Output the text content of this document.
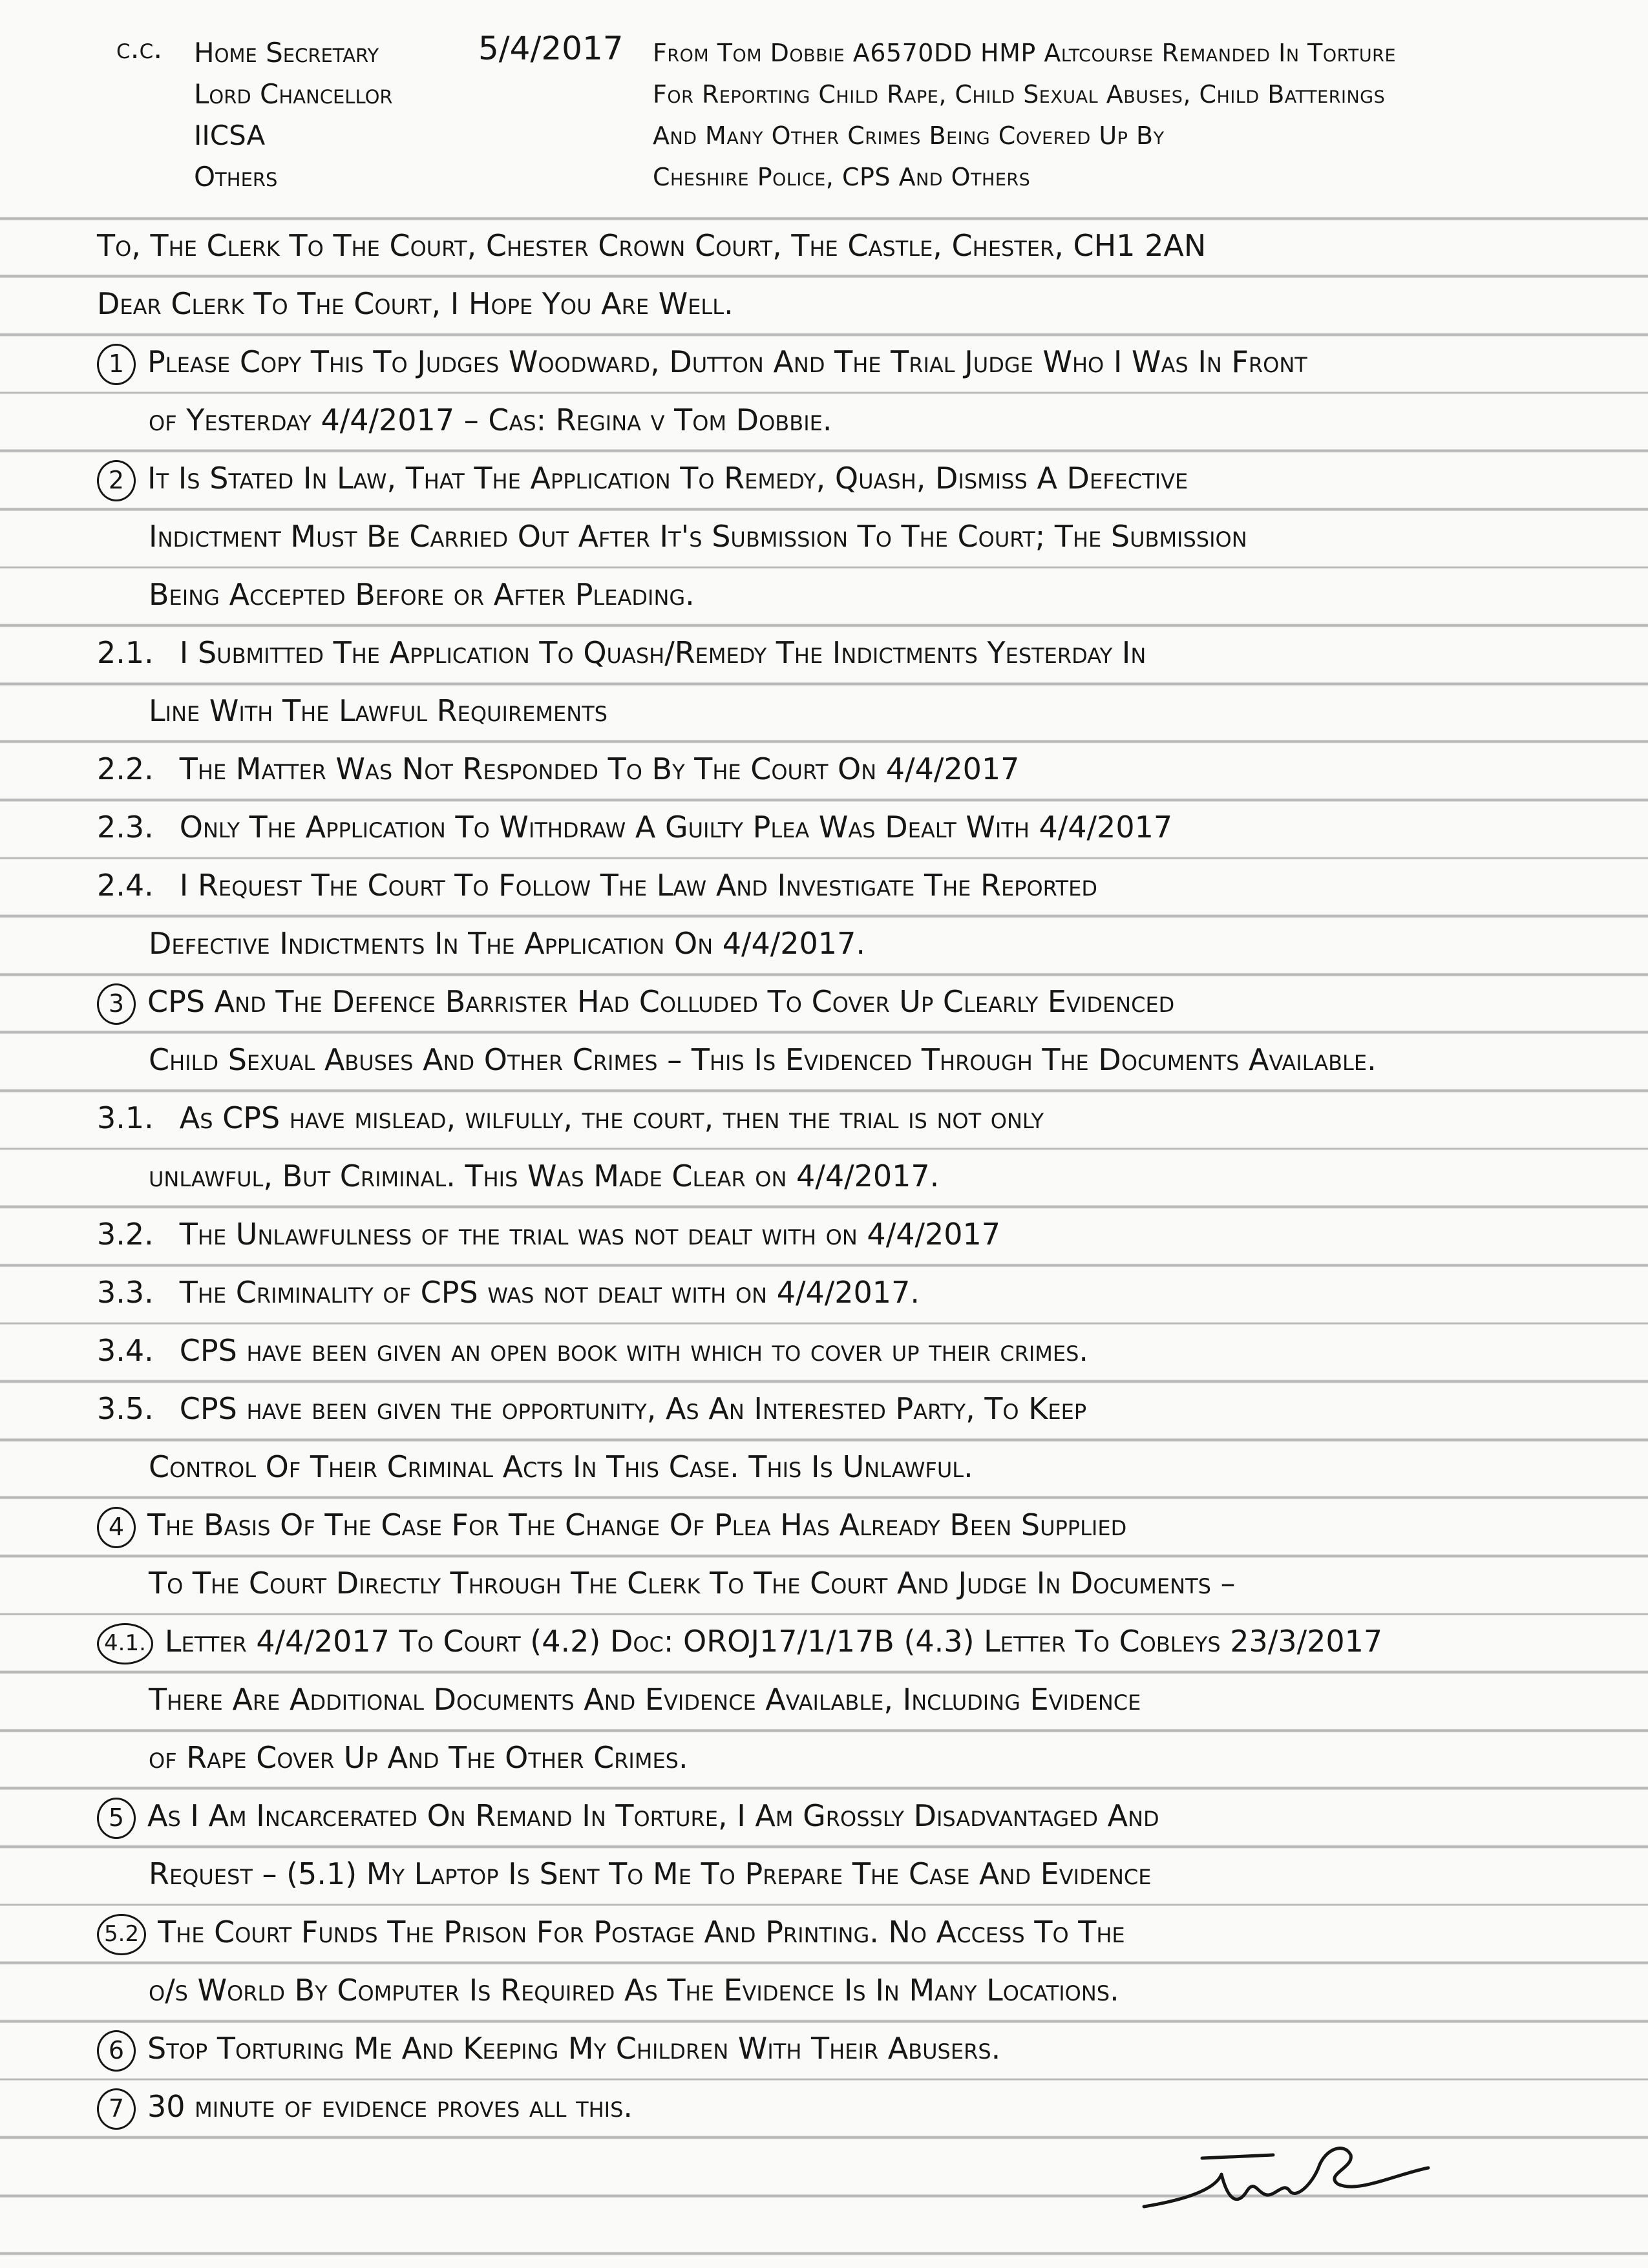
c.c. Home Secretary
Lord Chancellor
IICSA
Others
5/4/2017 From Tom Dobbie A6570DD HMP Altcourse Remanded In Torture
For Reporting Child Rape, Child Sexual Abuses, Child Batterings
And Many Other Crimes Being Covered Up By
Cheshire Police, CPS And Others
To, The Clerk To The Court, Chester Crown Court, The Castle, Chester, CH1 2AN
Dear Clerk To The Court, I Hope You Are Well.
1 Please Copy This To Judges Woodward, Dutton And The Trial Judge Who I Was In Front
of Yesterday 4/4/2017 – Cas: Regina v Tom Dobbie.
2 It Is Stated In Law, That The Application To Remedy, Quash, Dismiss A Defective
Indictment Must Be Carried Out After It's Submission To The Court; The Submission
Being Accepted Before or After Pleading.
2.1. I Submitted The Application To Quash/Remedy The Indictments Yesterday In
Line With The Lawful Requirements
2.2. The Matter Was Not Responded To By The Court On 4/4/2017
2.3. Only The Application To Withdraw A Guilty Plea Was Dealt With 4/4/2017
2.4. I Request The Court To Follow The Law And Investigate The Reported
Defective Indictments In The Application On 4/4/2017.
3 CPS And The Defence Barrister Had Colluded To Cover Up Clearly Evidenced
Child Sexual Abuses And Other Crimes – This Is Evidenced Through The Documents Available.
3.1. As CPS have mislead, wilfully, the court, then the trial is not only
unlawful, But Criminal. This Was Made Clear on 4/4/2017.
3.2. The Unlawfulness of the trial was not dealt with on 4/4/2017
3.3. The Criminality of CPS was not dealt with on 4/4/2017.
3.4. CPS have been given an open book with which to cover up their crimes.
3.5. CPS have been given the opportunity, As An Interested Party, To Keep
Control Of Their Criminal Acts In This Case. This Is Unlawful.
4 The Basis Of The Case For The Change Of Plea Has Already Been Supplied
To The Court Directly Through The Clerk To The Court And Judge In Documents –
4.1. Letter 4/4/2017 To Court (4.2) Doc: OROJ17/1/17B (4.3) Letter To Cobleys 23/3/2017
There Are Additional Documents And Evidence Available, Including Evidence
of Rape Cover Up And The Other Crimes.
5 As I Am Incarcerated On Remand In Torture, I Am Grossly Disadvantaged And
Request – (5.1) My Laptop Is Sent To Me To Prepare The Case And Evidence
5.2 The Court Funds The Prison For Postage And Printing. No Access To The
o/s World By Computer Is Required As The Evidence Is In Many Locations.
6 Stop Torturing Me And Keeping My Children With Their Abusers.
7 30 minute of evidence proves all this.
